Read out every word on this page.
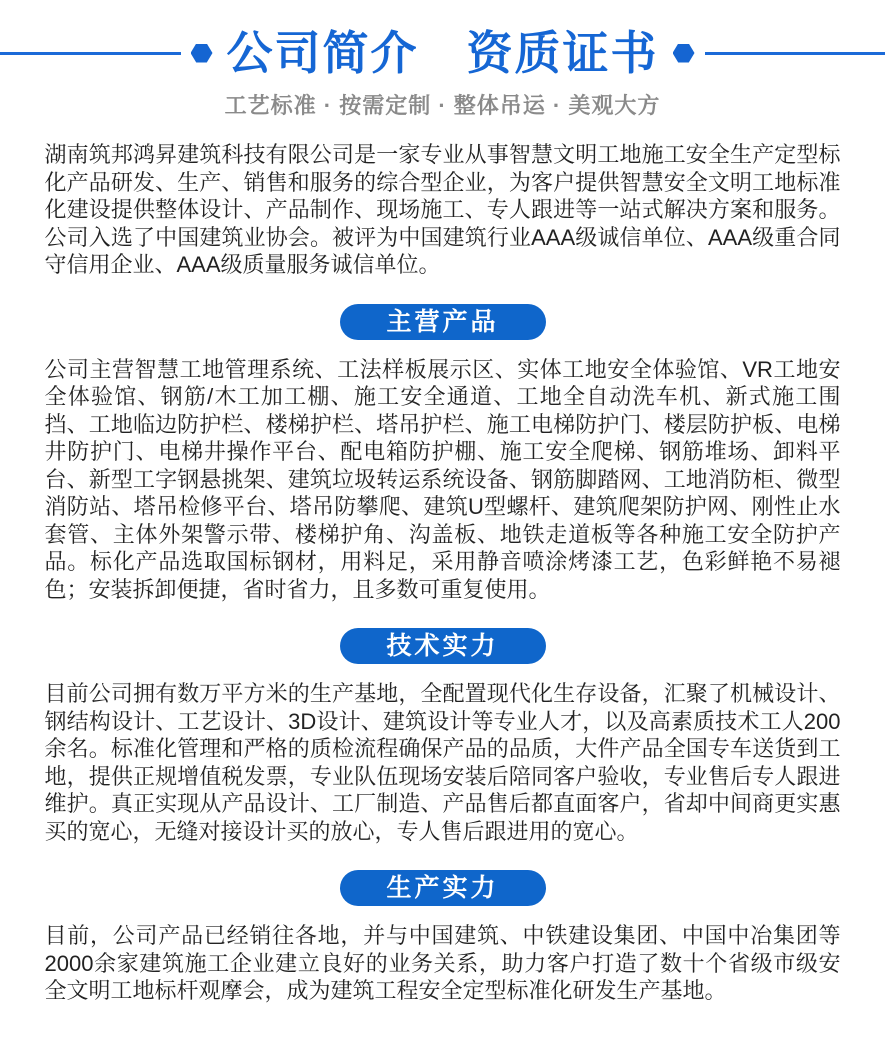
公司简介　资质证书
工艺标准 · 按需定制 · 整体吊运 · 美观大方

湖南筑邦鸿昇建筑科技有限公司是一家专业从事智慧文明工地施工安全生产定型标化产品研发、生产、销售和服务的综合型企业，为客户提供智慧安全文明工地标准化建设提供整体设计、产品制作、现场施工、专人跟进等一站式解决方案和服务。公司入选了中国建筑业协会。被评为中国建筑行业AAA级诚信单位、AAA级重合同守信用企业、AAA级质量服务诚信单位。

主营产品

公司主营智慧工地管理系统、工法样板展示区、实体工地安全体验馆、VR工地安全体验馆、钢筋/木工加工棚、施工安全通道、工地全自动洗车机、新式施工围挡、工地临边防护栏、楼梯护栏、塔吊护栏、施工电梯防护门、楼层防护板、电梯井防护门、电梯井操作平台、配电箱防护棚、施工安全爬梯、钢筋堆场、卸料平台、新型工字钢悬挑架、建筑垃圾转运系统设备、钢筋脚踏网、工地消防柜、微型消防站、塔吊检修平台、塔吊防攀爬、建筑U型螺杆、建筑爬架防护网、刚性止水套管、主体外架警示带、楼梯护角、沟盖板、地铁走道板等各种施工安全防护产品。标化产品选取国标钢材，用料足，采用静音喷涂烤漆工艺，色彩鲜艳不易褪色；安装拆卸便捷，省时省力，且多数可重复使用。

技术实力

目前公司拥有数万平方米的生产基地，全配置现代化生存设备，汇聚了机械设计、钢结构设计、工艺设计、3D设计、建筑设计等专业人才，以及高素质技术工人200余名。标准化管理和严格的质检流程确保产品的品质，大件产品全国专车送货到工地，提供正规增值税发票，专业队伍现场安装后陪同客户验收，专业售后专人跟进维护。真正实现从产品设计、工厂制造、产品售后都直面客户，省却中间商更实惠买的宽心，无缝对接设计买的放心，专人售后跟进用的宽心。

生产实力

目前，公司产品已经销往各地，并与中国建筑、中铁建设集团、中国中冶集团等2000余家建筑施工企业建立良好的业务关系，助力客户打造了数十个省级市级安全文明工地标杆观摩会，成为建筑工程安全定型标准化研发生产基地。
